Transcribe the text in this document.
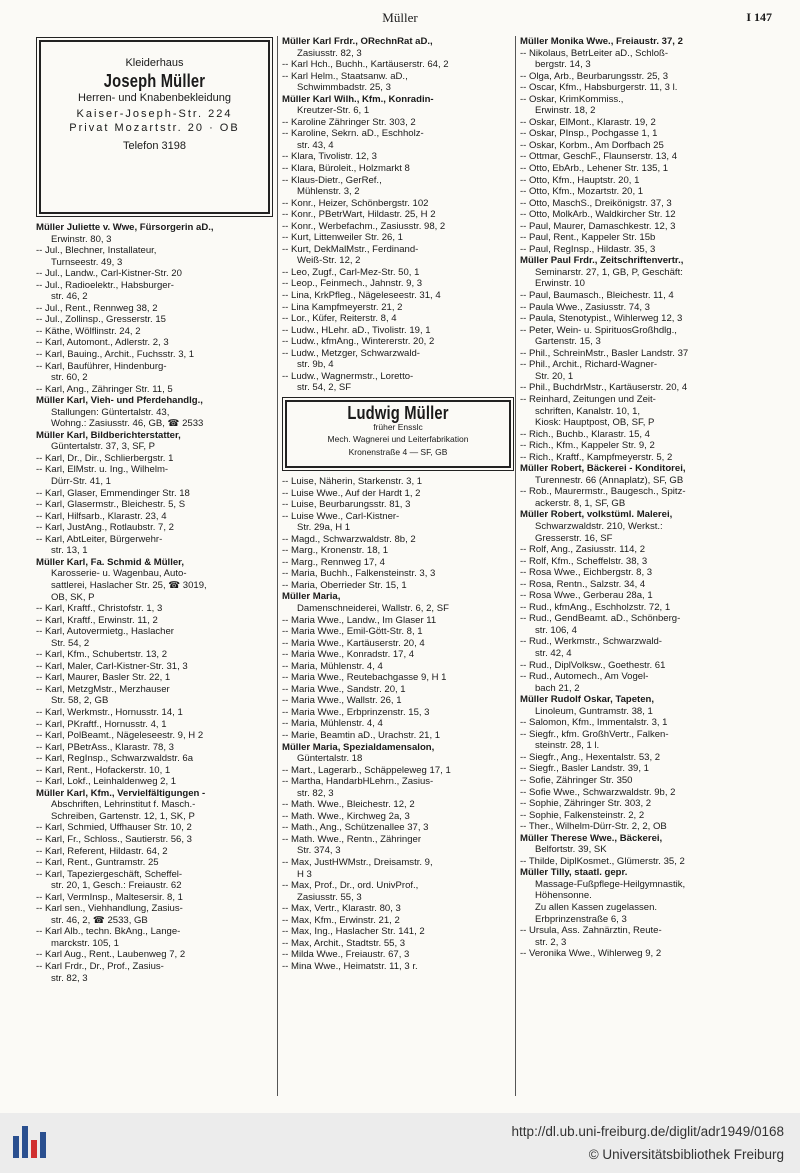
Müller	I 147
Kleiderhaus
Joseph Müller
Herren- und Knabenbekleidung
Kaiser-Joseph-Str. 224
Privat Mozartstr. 20 · OB
Telefon 3198
Müller Juliette v. Wwe, Fürsorgerin aD.,
Erwinstr. 80, 3
-- Jul., Blechner, Installateur,
Turnseestr. 49, 3
-- Jul., Landw., Carl-Kistner-Str. 20
-- Jul., Radioelektr., Habsburger-
str. 46, 2
-- Jul., Rent., Rennweg 38, 2
-- Jul., Zollinsp., Gresserstr. 15
-- Käthe, Wölflinstr. 24, 2
-- Karl, Automont., Adlerstr. 2, 3
-- Karl, Bauing., Archit., Fuchsstr. 3, 1
-- Karl, Bauführer, Hindenburg-
str. 60, 2
-- Karl, Ang., Zähringer Str. 11, 5
Müller Karl, Vieh- und Pferdehandlg.,
Stallungen: Güntertalstr. 43,
Wohng.: Zasiusstr. 46, GB, ☎ 2533
Müller Karl, Bildberichterstatter,
Güntertalstr. 37, 3, SF, P
-- Karl, Dr., Dir., Schlierbergstr. 1
-- Karl, ElMstr. u. Ing., Wilhelm-
Dürr-Str. 41, 1
-- Karl, Glaser, Emmendinger Str. 18
-- Karl, Glasermstr., Bleichestr. 5, S
-- Karl, Hilfsarb., Klarastr. 23, 4
-- Karl, JustAng., Rotlaubstr. 7, 2
-- Karl, AbtLeiter, Bürgerwehr-
str. 13, 1
Müller Karl, Fa. Schmid & Müller,
Karosserie- u. Wagenbau, Auto-
sattlerei, Haslacher Str. 25, ☎ 3019,
OB, SK, P
-- Karl, Kraftf., Christofstr. 1, 3
-- Karl, Kraftf., Erwinstr. 11, 2
-- Karl, Autovermietg., Haslacher
Str. 54, 2
-- Karl, Kfm., Schubertstr. 13, 2
-- Karl, Maler, Carl-Kistner-Str. 31, 3
-- Karl, Maurer, Basler Str. 22, 1
-- Karl, MetzgMstr., Merzhauser
Str. 58, 2, GB
-- Karl, Werkmstr., Hornusstr. 14, 1
-- Karl, PKraftf., Hornusstr. 4, 1
-- Karl, PolBeamt., Nägeleseestr. 9, H 2
-- Karl, PBetrAss., Klarastr. 78, 3
-- Karl, RegInsp., Schwarzwaldstr. 6a
-- Karl, Rent., Hofackerstr. 10, 1
-- Karl, Lokf., Leinhaldenweg 2, 1
Müller Karl, Kfm., Vervielfältigungen -
Abschriften, Lehrinstitut f. Masch.-
Schreiben, Gartenstr. 12, 1, SK, P
-- Karl, Schmied, Uffhauser Str. 10, 2
-- Karl, Fr., Schloss., Sautierstr. 56, 3
-- Karl, Referent, Hildastr. 64, 2
-- Karl, Rent., Guntramstr. 25
-- Karl, Tapeziergeschäft, Scheffel-
str. 20, 1, Gesch.: Freiaustr. 62
-- Karl, VermInsp., Maltesersir. 8, 1
-- Karl sen., Viehhandlung, Zasius-
str. 46, 2, ☎ 2533, GB
-- Karl Alb., techn. BkAng., Lange-
marckstr. 105, 1
-- Karl Aug., Rent., Laubenweg 7, 2
-- Karl Frdr., Dr., Prof., Zasius-
str. 82, 3
Müller Karl Frdr., ORechnRat aD.,
Zasiusstr. 82, 3
-- Karl Hch., Buchh., Kartäuserstr. 64, 2
-- Karl Helm., Staatsanw. aD.,
Schwimmbadstr. 25, 3
Müller Karl Wilh., Kfm., Konradin-
Kreutzer-Str. 6, 1
-- Karoline Zähringer Str. 303, 2
-- Karoline, Sekrn. aD., Eschholz-
str. 43, 4
-- Klara, Tivolistr. 12, 3
-- Klara, Büroleit., Holzmarkt 8
-- Klaus-Dietr., GerRef.,
Mühlenstr. 3, 2
-- Konr., Heizer, Schönbergstr. 102
-- Konr., PBetrWart, Hildastr. 25, H 2
-- Konr., Werbefachm., Zasiusstr. 98, 2
-- Kurt, Littenweiler Str. 26, 1
-- Kurt, DekMalMstr., Ferdinand-
Weiß-Str. 12, 2
-- Leo, Zugf., Carl-Mez-Str. 50, 1
-- Leop., Feinmech., Jahnstr. 9, 3
-- Lina, KrkPfleg., Nägeleseestr. 31, 4
-- Lina Kampfmeyerstr. 21, 2
-- Lor., Küfer, Reiterstr. 8, 4
-- Ludw., HLehr. aD., Tivolistr. 19, 1
-- Ludw., kfmAng., Wintererstr. 20, 2
-- Ludw., Metzger, Schwarzwald-
str. 9b, 4
-- Ludw., Wagnermstr., Loretto-
str. 54, 2, SF
Ludwig Müller
früher Ensslc
Mech. Wagnerei und Leiterfabrikation
Kronenstraße 4 — SF, GB
-- Luise, Näherin, Starkenstr. 3, 1
-- Luise Wwe., Auf der Hardt 1, 2
-- Luise, Beurbarungsstr. 81, 3
-- Luise Wwe., Carl-Kistner-
Str. 29a, H 1
-- Magd., Schwarzwaldstr. 8b, 2
-- Marg., Kronenstr. 18, 1
-- Marg., Rennweg 17, 4
-- Maria, Buchh., Falkensteinstr. 3, 3
-- Maria, Oberrieder Str. 15, 1
Müller Maria,
Damenschneiderei, Wallstr. 6, 2, SF
-- Maria Wwe., Landw., Im Glaser 11
-- Maria Wwe., Emil-Gött-Str. 8, 1
-- Maria Wwe., Kartäuserstr. 20, 4
-- Maria Wwe., Konradstr. 17, 4
-- Maria, Mühlenstr. 4, 4
-- Maria Wwe., Reutebachgasse 9, H 1
-- Maria Wwe., Sandstr. 20, 1
-- Maria Wwe., Wallstr. 26, 1
-- Maria Wwe., Erbprinzenstr. 15, 3
-- Maria, Mühlenstr. 4, 4
-- Marie, Beamtin aD., Urachstr. 21, 1
Müller Maria, Spezialdamensalon,
Güntertalstr. 18
-- Mart., Lagerarb., Schäppeleweg 17, 1
-- Martha, HandarbHLehrn., Zasius-
str. 82, 3
-- Math. Wwe., Bleichestr. 12, 2
-- Math. Wwe., Kirchweg 2a, 3
-- Math., Ang., Schützenallee 37, 3
-- Math. Wwe., Rentn., Zähringer
Str. 374, 3
-- Max, JustHWMstr., Dreisamstr. 9,
H 3
-- Max, Prof., Dr., ord. UnivProf.,
Zasiusstr. 55, 3
-- Max, Vertr., Klarastr. 80, 3
-- Max, Kfm., Erwinstr. 21, 2
-- Max, Ing., Haslacher Str. 141, 2
-- Max, Archit., Stadtstr. 55, 3
-- Milda Wwe., Freiaustr. 67, 3
-- Mina Wwe., Heimatstr. 11, 3 r.
Müller Monika Wwe., Freiaustr. 37, 2
-- Nikolaus, BetrLeiter aD., Schloß-
bergstr. 14, 3
-- Olga, Arb., Beurbarungsstr. 25, 3
-- Oscar, Kfm., Habsburgerstr. 11, 3 l.
-- Oskar, KrimKommiss.,
Erwinstr. 18, 2
-- Oskar, ElMont., Klarastr. 19, 2
-- Oskar, PInsp., Pochgasse 1, 1
-- Oskar, Korbm., Am Dorfbach 25
-- Ottmar, GeschF., Flaunserstr. 13, 4
-- Otto, EbArb., Lehener Str. 135, 1
-- Otto, Kfm., Hauptstr. 20, 1
-- Otto, Kfm., Mozartstr. 20, 1
-- Otto, MaschS., Dreikönigstr. 37, 3
-- Otto, MolkArb., Waldkircher Str. 12
-- Paul, Maurer, Damaschkestr. 12, 3
-- Paul, Rent., Kappeler Str. 15b
-- Paul, RegInsp., Hildastr. 35, 3
Müller Paul Frdr., Zeitschriftenvertr.,
Seminarstr. 27, 1, GB, P, Geschäft:
Erwinstr. 10
-- Paul, Baumasch., Bleichestr. 11, 4
-- Paula Wwe., Zasiusstr. 74, 3
-- Paula, Stenotypist., Wihlerweg 12, 3
-- Peter, Wein- u. SpirituosGroßhdlg.,
Gartenstr. 15, 3
-- Phil., SchreinMstr., Basler Landstr. 37
-- Phil., Archit., Richard-Wagner-
Str. 20, 1
-- Phil., BuchdrMstr., Kartäuserstr. 20, 4
-- Reinhard, Zeitungen und Zeit-
schriften, Kanalstr. 10, 1,
Kiosk: Hauptpost, OB, SF, P
-- Rich., Buchb., Klarastr. 15, 4
-- Rich., Kfm., Kappeler Str. 9, 2
-- Rich., Kraftf., Kampfmeyerstr. 5, 2
Müller Robert, Bäckerei - Konditorei,
Turennestr. 66 (Annaplatz), SF, GB
-- Rob., Maurermstr., Baugesch., Spitz-
ackerstr. 8, 1, SF, GB
Müller Robert, volkstüml. Malerei,
Schwarzwaldstr. 210, Werkst.:
Gresserstr. 16, SF
-- Rolf, Ang., Zasiusstr. 114, 2
-- Rolf, Kfm., Scheffelstr. 38, 3
-- Rosa Wwe., Eichbergstr. 8, 3
-- Rosa, Rentn., Salzstr. 34, 4
-- Rosa Wwe., Gerberau 28a, 1
-- Rud., kfmAng., Eschholzstr. 72, 1
-- Rud., GendBeamt. aD., Schönberg-
str. 106, 4
-- Rud., Werkmstr., Schwarzwald-
str. 42, 4
-- Rud., DiplVolksw., Goethestr. 61
-- Rud., Automech., Am Vogel-
bach 21, 2
Müller Rudolf Oskar, Tapeten,
Linoleum, Guntramstr. 38, 1
-- Salomon, Kfm., Immentalstr. 3, 1
-- Siegfr., kfm. GroßhVertr., Falken-
steinstr. 28, 1 l.
-- Siegfr., Ang., Hexentalstr. 53, 2
-- Siegfr., Basler Landstr. 39, 1
-- Sofie, Zähringer Str. 350
-- Sofie Wwe., Schwarzwaldstr. 9b, 2
-- Sophie, Zähringer Str. 303, 2
-- Sophie, Falkensteinstr. 2, 2
-- Ther., Wilhelm-Dürr-Str. 2, 2, OB
Müller Therese Wwe., Bäckerei,
Belfortstr. 39, SK
-- Thilde, DiplKosmet., Glümerstr. 35, 2
Müller Tilly, staatl. gepr.
Massage-Fußpflege-Heilgymnastik,
Höhensonne.
Zu allen Kassen zugelassen.
Erbprinzenstraße 6, 3
-- Ursula, Ass. Zahnärztin, Reute-
str. 2, 3
-- Veronika Wwe., Wihlerweg 9, 2
http://dl.ub.uni-freiburg.de/diglit/adr1949/0168
© Universitätsbibliothek Freiburg
